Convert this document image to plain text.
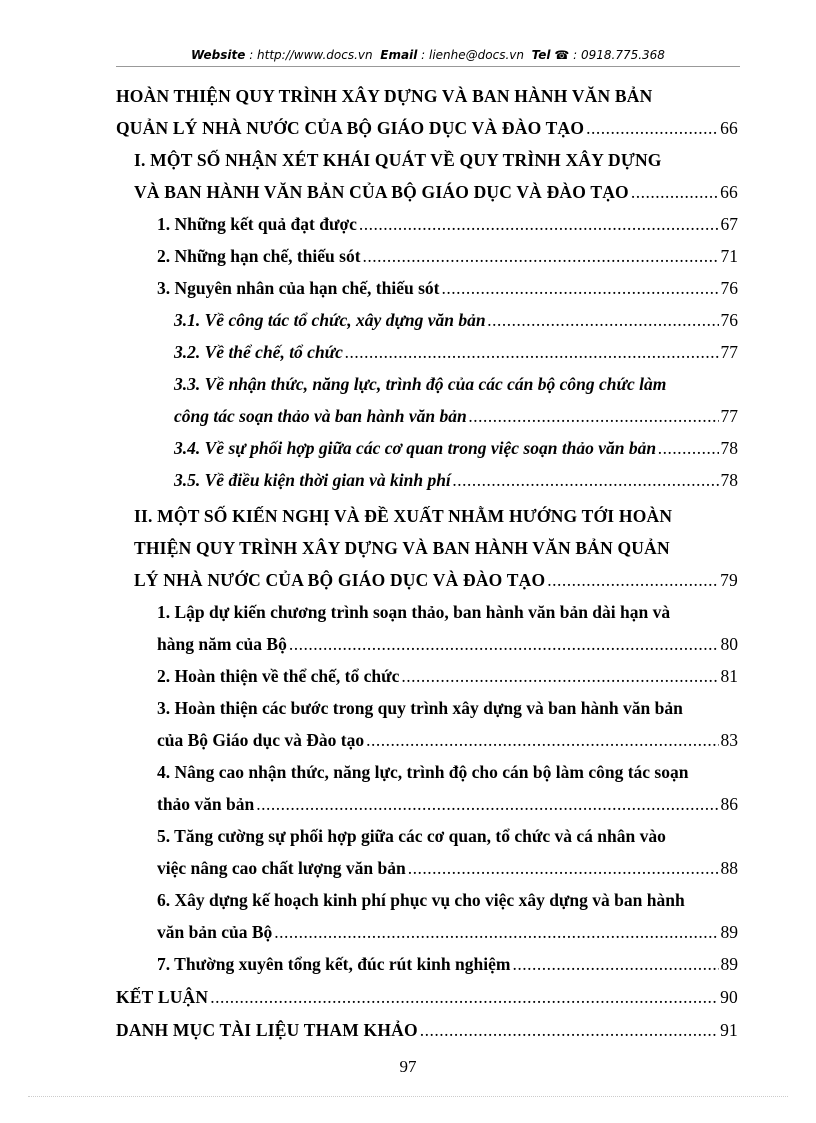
Website : http://www.docs.vn Email : lienhe@docs.vn Tel ☎ : 0918.775.368
HOÀN THIỆN QUY TRÌNH XÂY DỰNG VÀ BAN HÀNH VĂN BẢN
QUẢN LÝ NHÀ NƯỚC CỦA BỘ GIÁO DỤC VÀ ĐÀO TẠO .....	66
I. MỘT SỐ NHẬN XÉT KHÁI QUÁT VỀ QUY TRÌNH XÂY DỰNG
VÀ BAN HÀNH VĂN BẢN CỦA BỘ GIÁO DỤC VÀ ĐÀO TẠO .....	66
1. Những kết quả đạt được .....	67
2. Những hạn chế, thiếu sót .....	71
3. Nguyên nhân của hạn chế, thiếu sót .....	76
3.1. Về công tác tổ chức, xây dựng văn bản .....	76
3.2. Về thể chế, tổ chức .....	77
3.3. Về nhận thức, năng lực, trình độ của các cán bộ công chức làm
công tác soạn thảo và ban hành văn bản .....	77
3.4. Về sự phối hợp giữa các cơ quan trong việc soạn thảo văn bản .....	78
3.5. Về điều kiện thời gian và kinh phí .....	78
II. MỘT SỐ KIẾN NGHỊ VÀ ĐỀ XUẤT NHẰM HƯỚNG TỚI HOÀN
THIỆN QUY TRÌNH XÂY DỰNG VÀ BAN HÀNH VĂN BẢN QUẢN
LÝ NHÀ NƯỚC CỦA BỘ GIÁO DỤC VÀ ĐÀO TẠO .....	79
1. Lập dự kiến chương trình soạn thảo, ban hành văn bản dài hạn và
hàng năm của Bộ .....	80
2. Hoàn thiện về thể chế, tổ chức .....	81
3. Hoàn thiện các bước trong quy trình xây dựng và ban hành văn bản
của Bộ Giáo dục và Đào tạo .....	83
4. Nâng cao nhận thức, năng lực, trình độ cho cán bộ làm công tác soạn
thảo văn bản .....	86
5. Tăng cường sự phối hợp giữa các cơ quan, tổ chức và cá nhân vào
việc nâng cao chất lượng văn bản .....	88
6. Xây dựng kế hoạch kinh phí phục vụ cho việc xây dựng và ban hành
văn bản của Bộ .....	89
7. Thường xuyên tổng kết, đúc rút kinh nghiệm .....	89
KẾT LUẬN .....	90
DANH MỤC TÀI LIỆU THAM KHẢO .....	91
97
